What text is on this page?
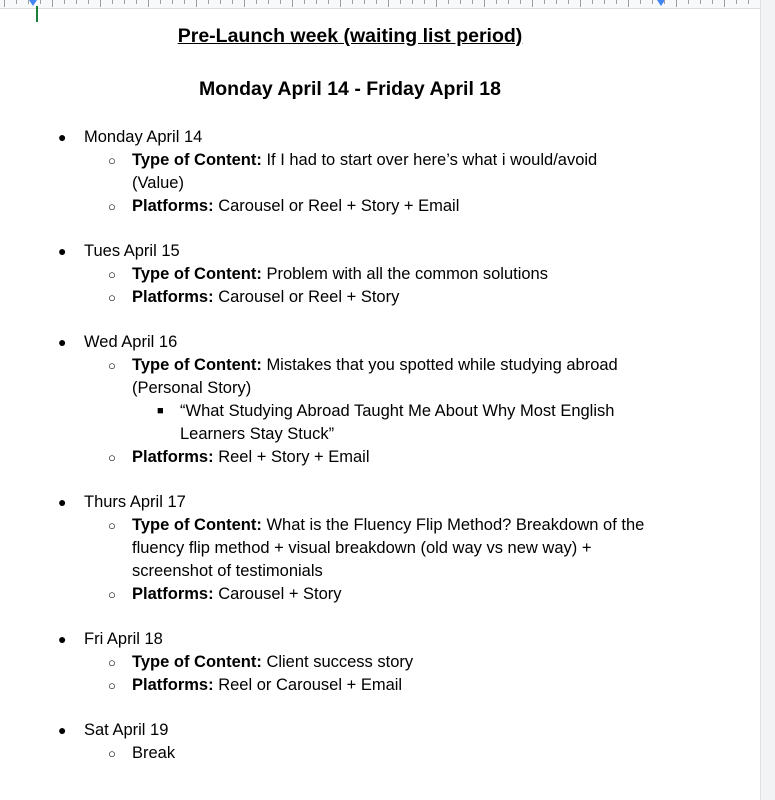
Pre-Launch week (waiting list period)
Monday April 14 - Friday April 18
● Monday April 14
○ Type of Content: If I had to start over here’s what i would/avoid (Value)
○ Platforms: Carousel or Reel + Story + Email
● Tues April 15
○ Type of Content: Problem with all the common solutions
○ Platforms: Carousel or Reel + Story
● Wed April 16
○ Type of Content: Mistakes that you spotted while studying abroad (Personal Story)
■ “What Studying Abroad Taught Me About Why Most English Learners Stay Stuck”
○ Platforms: Reel + Story + Email
● Thurs April 17
○ Type of Content: What is the Fluency Flip Method? Breakdown of the fluency flip method + visual breakdown (old way vs new way) + screenshot of testimonials
○ Platforms: Carousel + Story
● Fri April 18
○ Type of Content: Client success story
○ Platforms: Reel or Carousel + Email
● Sat April 19
○ Break
